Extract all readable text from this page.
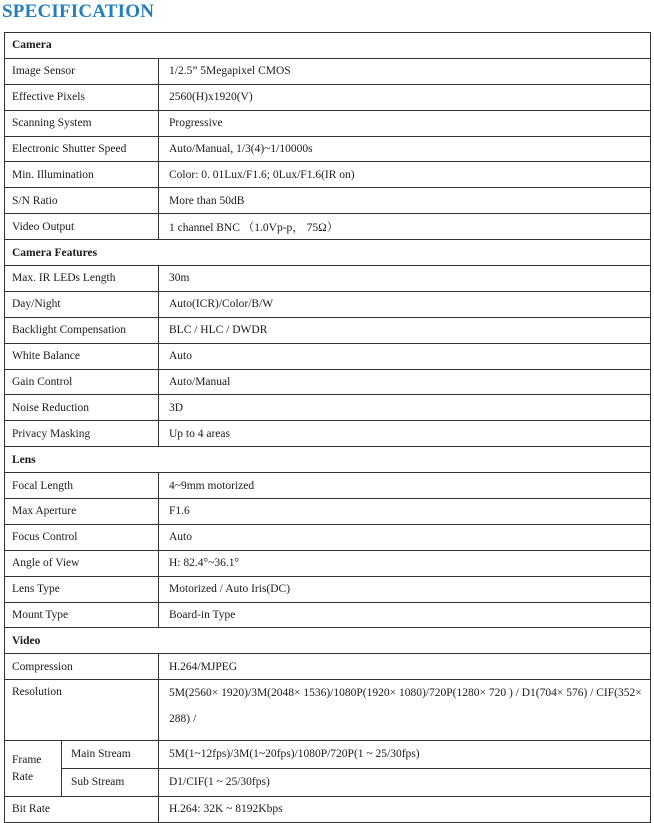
SPECIFICATION
Camera		
Image Sensor		1/2.5” 5Megapixel CMOS
Effective Pixels		2560(H)x1920(V)
Scanning System		Progressive
Electronic Shutter Speed		Auto/Manual, 1/3(4)~1/10000s
Min. Illumination		Color: 0. 01Lux/F1.6; 0Lux/F1.6(IR on)
S/N Ratio		More than 50dB
Video Output		1 channel BNC （1.0Vp-p， 75Ω）
Camera Features		
Max. IR LEDs Length		30m
Day/Night		Auto(ICR)/Color/B/W
Backlight Compensation		BLC / HLC / DWDR
White Balance		Auto
Gain Control		Auto/Manual
Noise Reduction		3D
Privacy Masking		Up to 4 areas
Lens		
Focal Length		4~9mm motorized
Max Aperture		F1.6
Focus Control		Auto
Angle of View		H: 82.4°~36.1°
Lens Type		Motorized / Auto Iris(DC)
Mount Type		Board-in Type
Video		
Compression		H.264/MJPEG
Resolution		5M(2560× 1920)/3M(2048× 1536)/1080P(1920× 1080)/720P(1280× 720 ) / D1(704× 576) / CIF(352× 288) /
Frame	Main Stream	5M(1~12fps)/3M(1~20fps)/1080P/720P(1 ~ 25/30fps)
Rate	Sub Stream	D1/CIF(1 ~ 25/30fps)
Bit Rate		H.264: 32K ~ 8192Kbps
